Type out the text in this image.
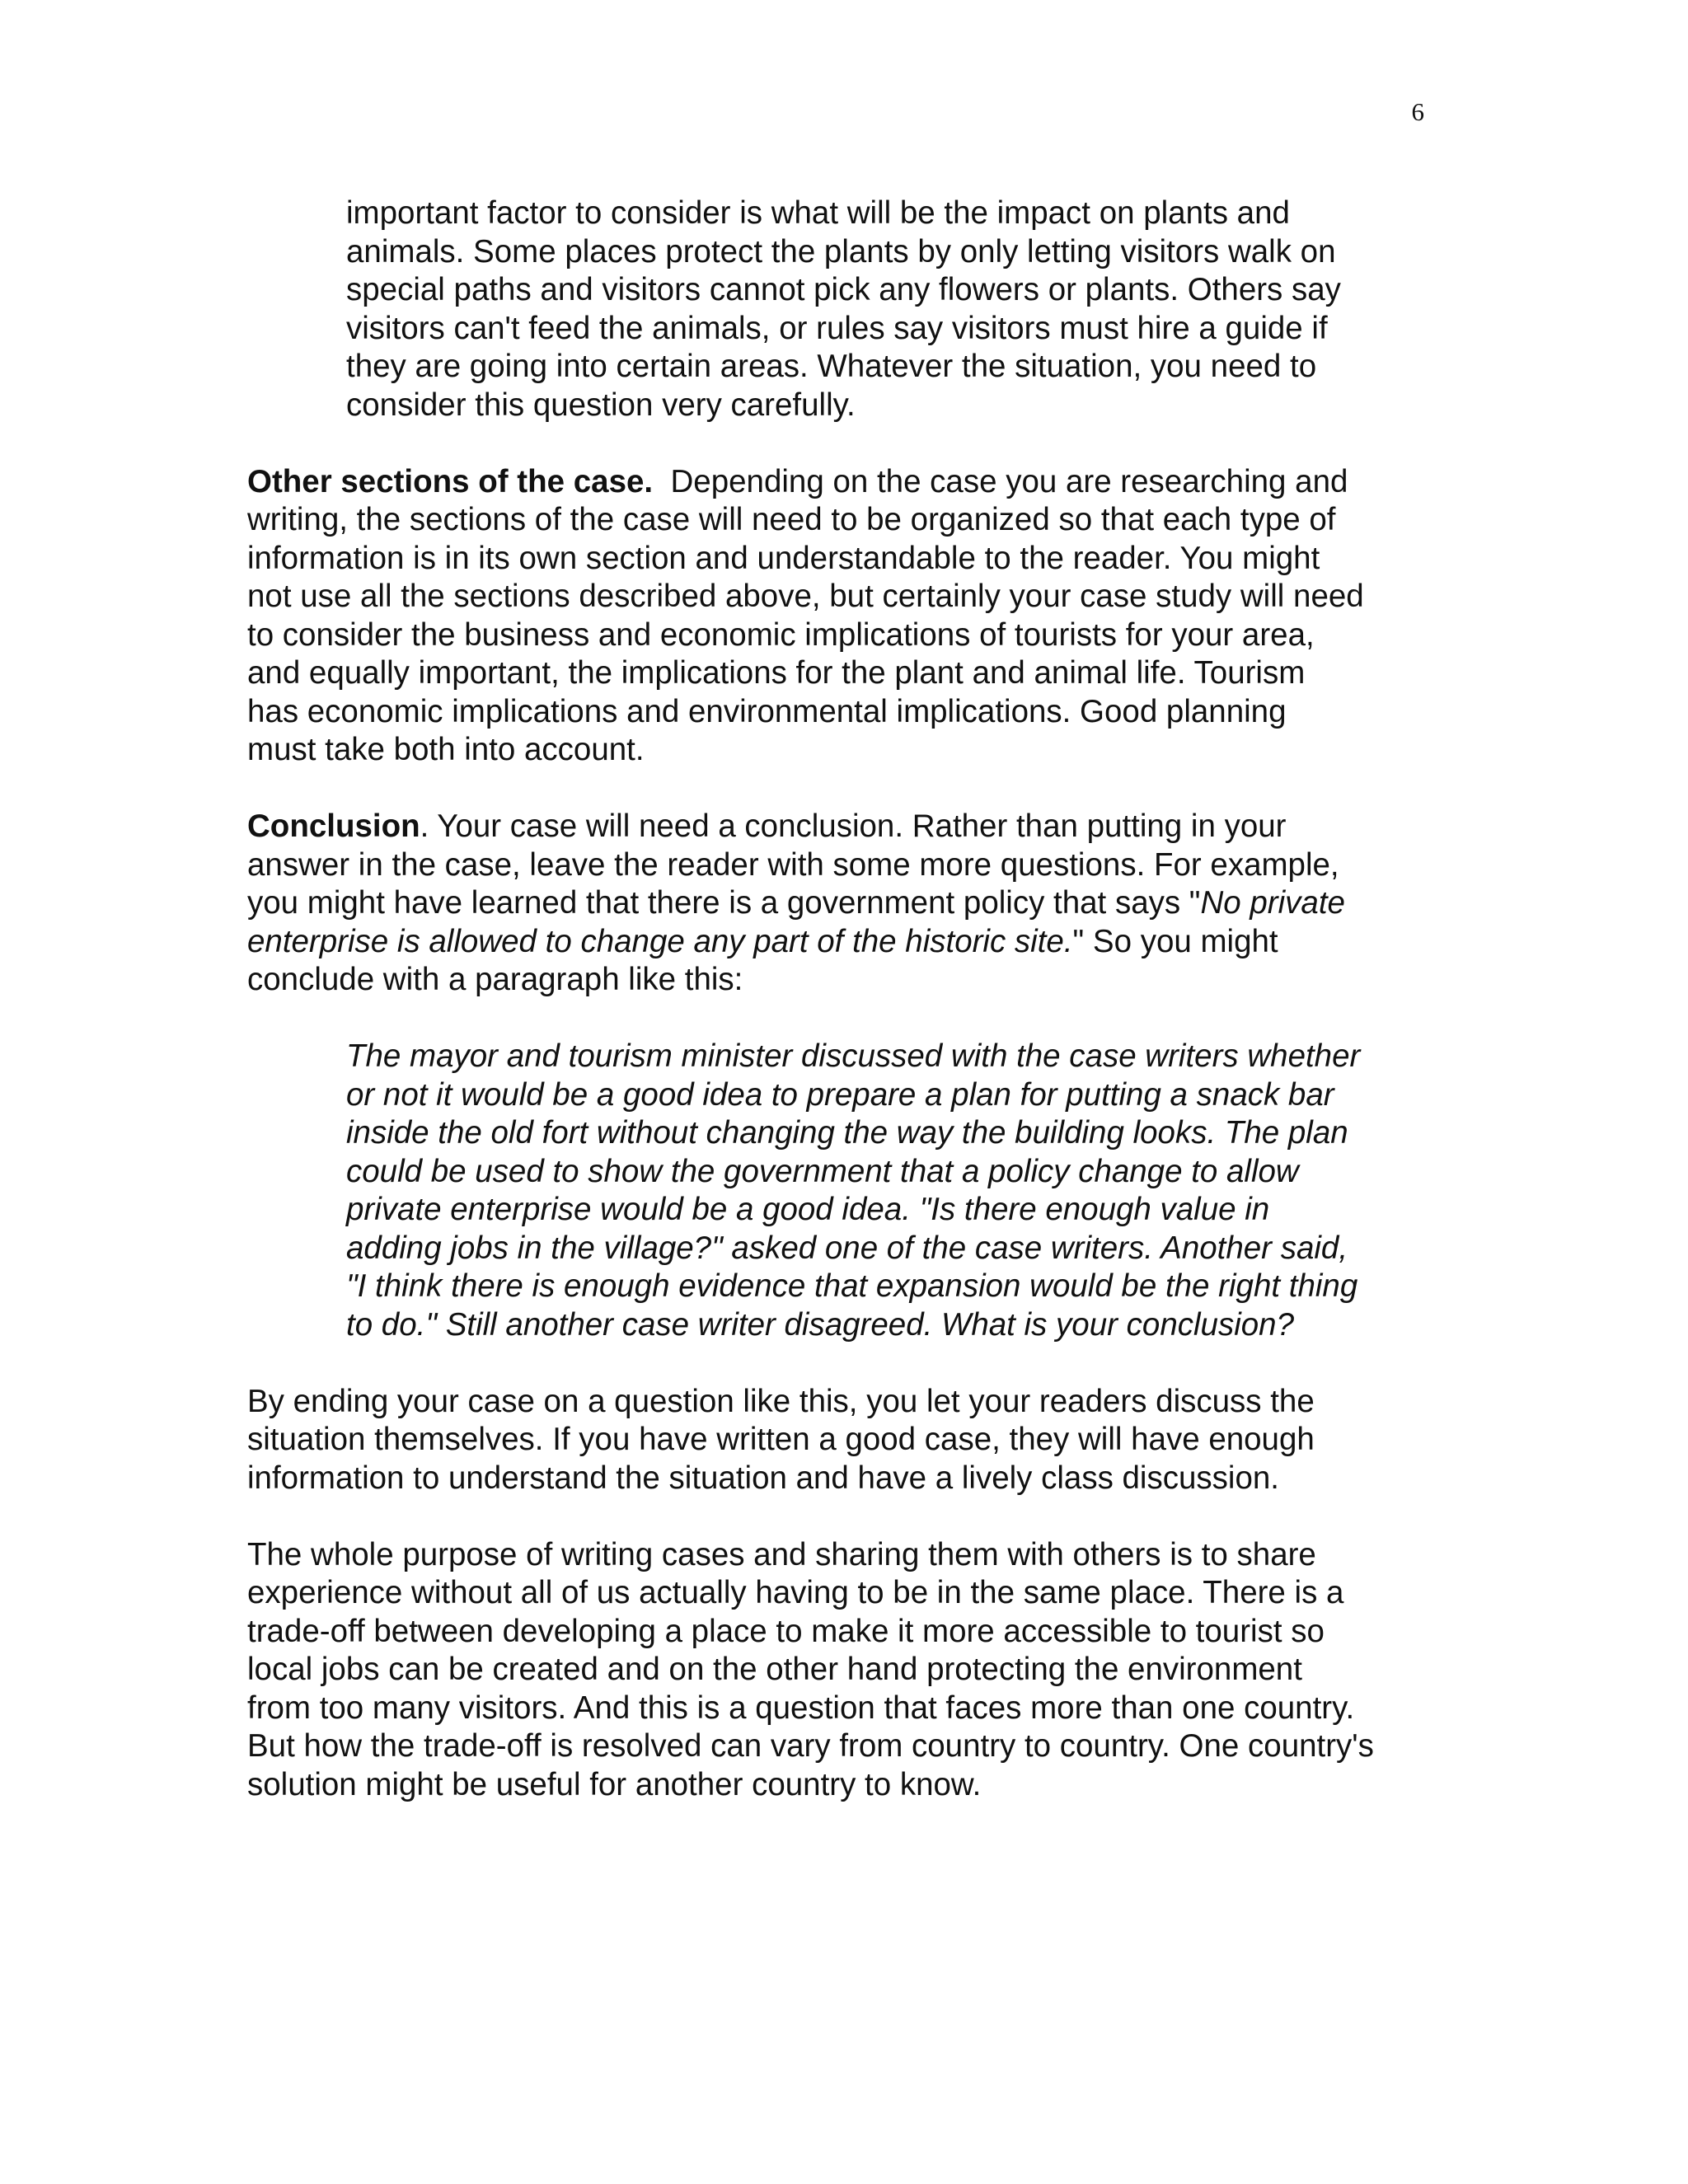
6
important factor to consider is what will be the impact on plants and
animals. Some places protect the plants by only letting visitors walk on
special paths and visitors cannot pick any flowers or plants. Others say
visitors can't feed the animals, or rules say visitors must hire a guide if
they are going into certain areas. Whatever the situation, you need to
consider this question very carefully.
Other sections of the case.  Depending on the case you are researching and
writing, the sections of the case will need to be organized so that each type of
information is in its own section and understandable to the reader. You might
not use all the sections described above, but certainly your case study will need
to consider the business and economic implications of tourists for your area,
and equally important, the implications for the plant and animal life. Tourism
has economic implications and environmental implications. Good planning
must take both into account.
Conclusion. Your case will need a conclusion. Rather than putting in your
answer in the case, leave the reader with some more questions. For example,
you might have learned that there is a government policy that says "No private
enterprise is allowed to change any part of the historic site." So you might
conclude with a paragraph like this:
The mayor and tourism minister discussed with the case writers whether
or not it would be a good idea to prepare a plan for putting a snack bar
inside the old fort without changing the way the building looks. The plan
could be used to show the government that a policy change to allow
private enterprise would be a good idea. "Is there enough value in
adding jobs in the village?" asked one of the case writers. Another said,
"I think there is enough evidence that expansion would be the right thing
to do." Still another case writer disagreed. What is your conclusion?
By ending your case on a question like this, you let your readers discuss the
situation themselves. If you have written a good case, they will have enough
information to understand the situation and have a lively class discussion.
The whole purpose of writing cases and sharing them with others is to share
experience without all of us actually having to be in the same place. There is a
trade-off between developing a place to make it more accessible to tourist so
local jobs can be created and on the other hand protecting the environment
from too many visitors. And this is a question that faces more than one country.
But how the trade-off is resolved can vary from country to country. One country's
solution might be useful for another country to know.
